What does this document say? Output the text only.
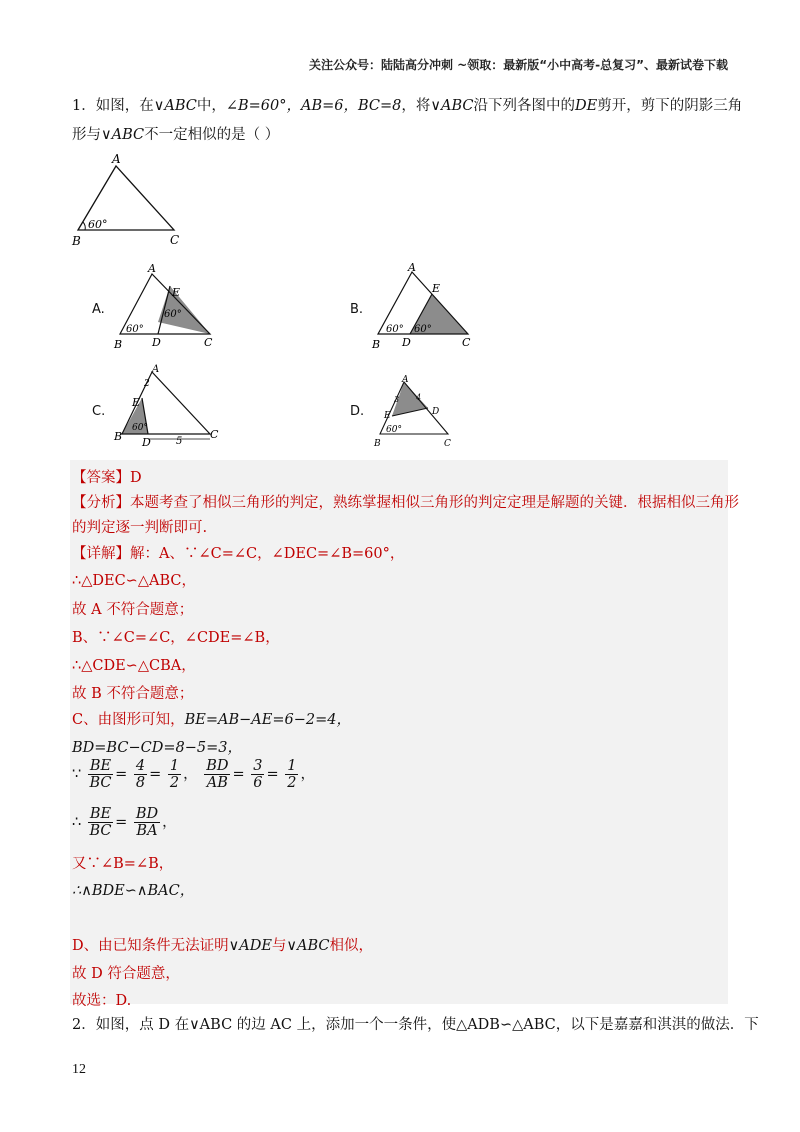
关注公众号：陆陆高分冲刺 ~领取：最新版“小中高考-总复习”、最新试卷下载
1．如图，在∨ABC中，∠B=60°，AB=6，BC=8，将∨ABC沿下列各图中的DE剪开，剪下的阴影三角
形与∨ABC不一定相似的是（ ）
A
B	C
60°
A.
A
E
60°
60°
B	D	C
B.
A
E
60°
60°
B D	C
C.
A
2
E
60°
B D	5
C
D.
A
3 4
E	D
60°
B	C
【答案】D
【分析】本题考查了相似三角形的判定，熟练掌握相似三角形的判定定理是解题的关键．根据相似三角形
的判定逐一判断即可.
【详解】解：A、∵∠C=∠C，∠DEC=∠B=60°，
∴△DEC∽△ABC，
故 A 不符合题意；
B、∵∠C=∠C，∠CDE=∠B，
∴△CDE∽△CBA，
故 B 不符合题意；
C、由图形可知，BE=AB−AE=6−2=4，
BD=BC−CD=8−5=3，
∵ $\frac{BE}{BC} = \frac{4}{8} = \frac{1}{2}$ ， $\frac{BD}{AB} = \frac{3}{6} = \frac{1}{2}$ ，
∴ $\frac{BE}{BC} = \frac{BD}{BA}$ ，
又∵∠B=∠B，
∴∧BDE∽∧BAC，
D、由已知条件无法证明∨ADE与∨ABC相似，
故 D 符合题意，
故选：D.
2．如图，点 D 在∨ABC 的边 AC 上，添加一个一条件，使△ADB∽△ABC，以下是嘉嘉和淇淇的做法．下
12
